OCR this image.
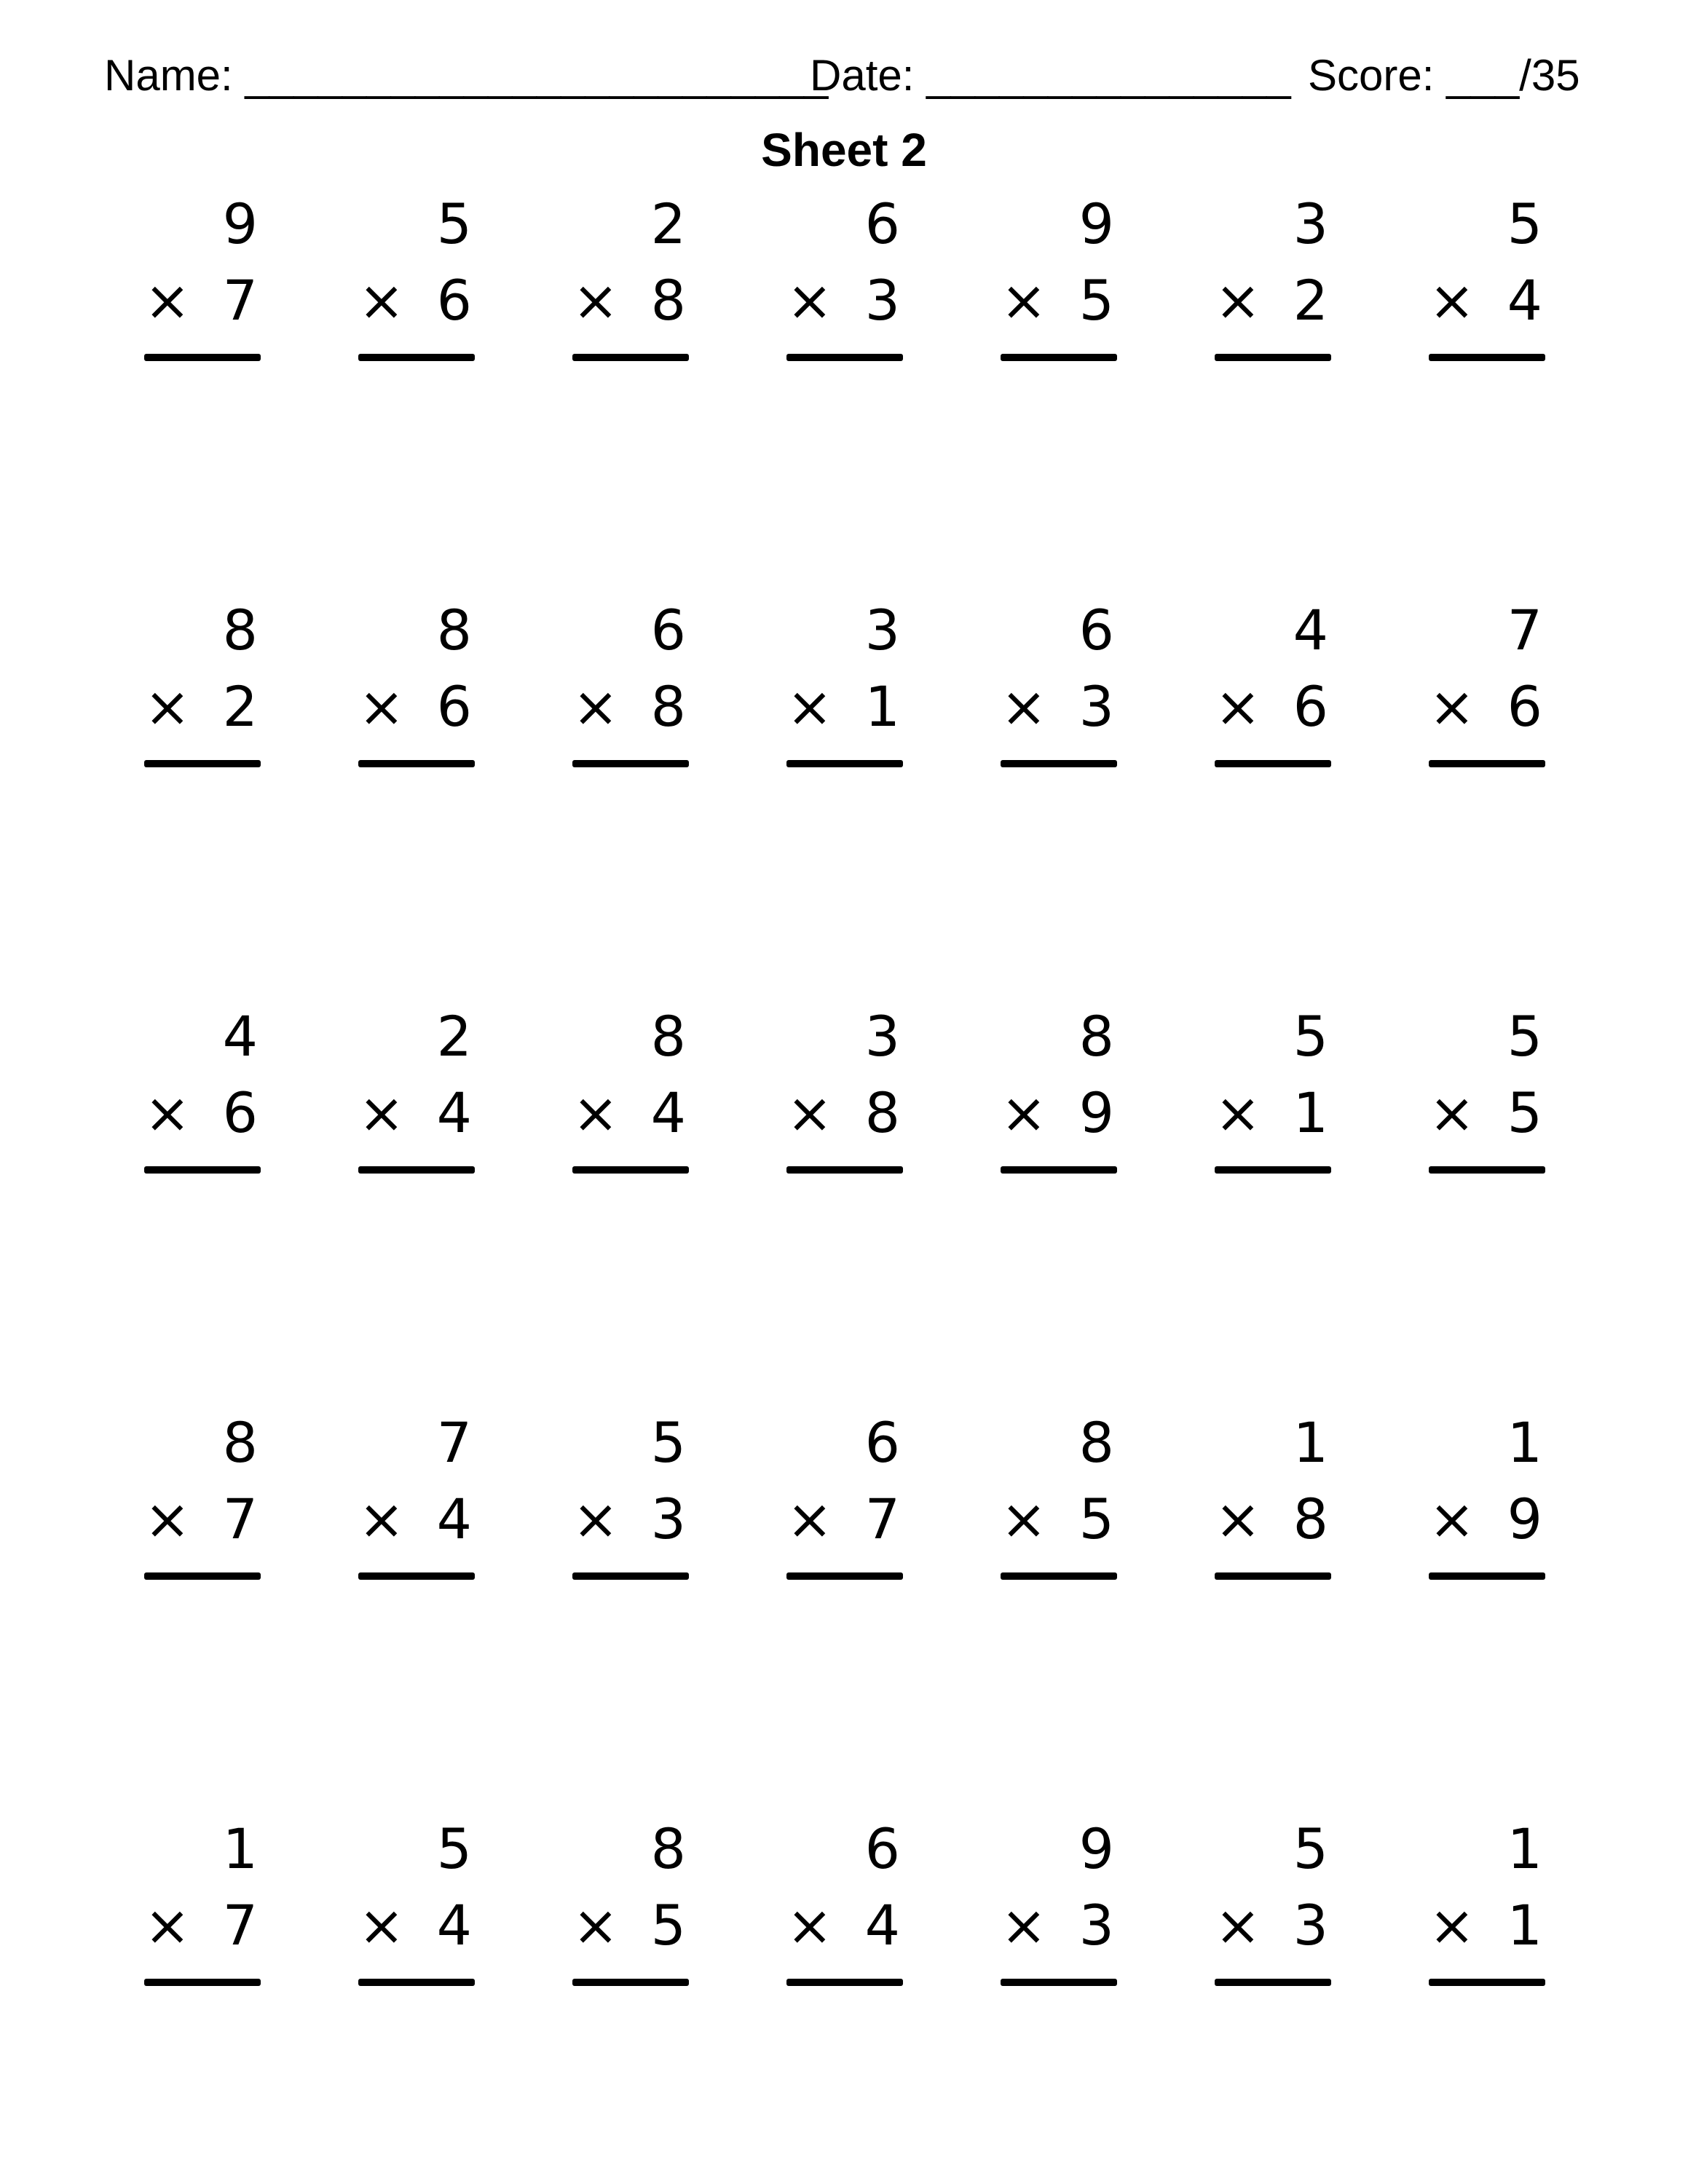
Name: ________________________
Date: _______________ Score: ___/35
Sheet 2
9
× 7
5
× 6
2
× 8
6
× 3
9
× 5
3
× 2
5
× 4
8
× 2
8
× 6
6
× 8
3
× 1
6
× 3
4
× 6
7
× 6
4
× 6
2
× 4
8
× 4
3
× 8
8
× 9
5
× 1
5
× 5
8
× 7
7
× 4
5
× 3
6
× 7
8
× 5
1
× 8
1
× 9
1
× 7
5
× 4
8
× 5
6
× 4
9
× 3
5
× 3
1
× 1
